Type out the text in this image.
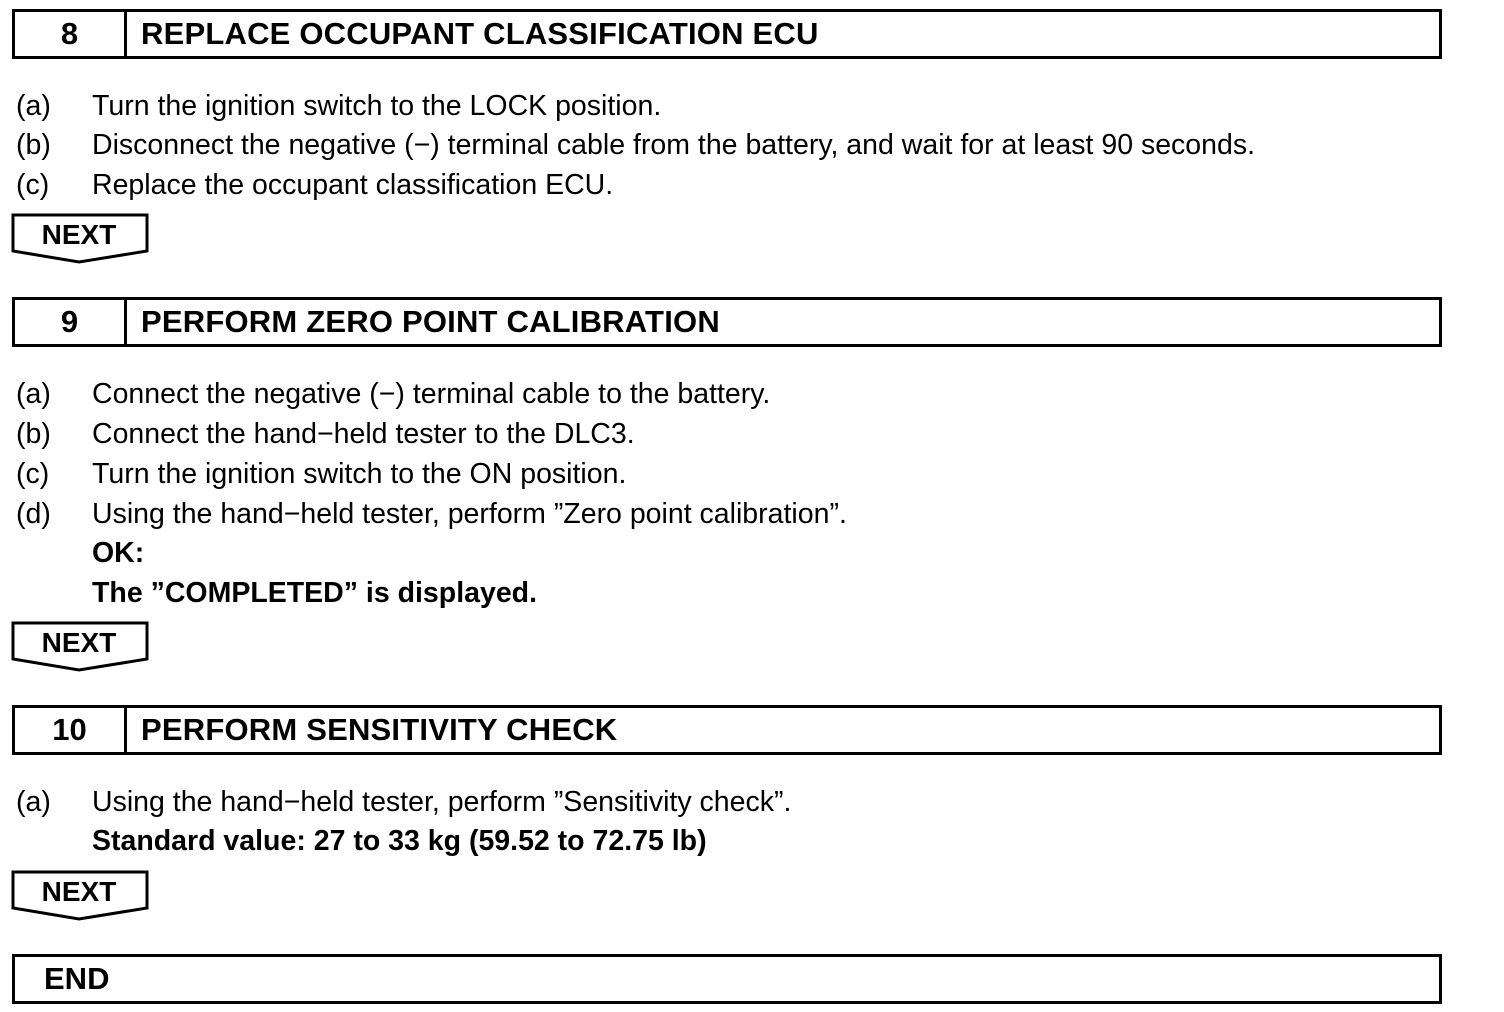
8	REPLACE OCCUPANT CLASSIFICATION ECU
(a) Turn the ignition switch to the LOCK position.
(b) Disconnect the negative (−) terminal cable from the battery, and wait for at least 90 seconds.
(c) Replace the occupant classification ECU.
NEXT
9	PERFORM ZERO POINT CALIBRATION
(a) Connect the negative (−) terminal cable to the battery.
(b) Connect the hand−held tester to the DLC3.
(c) Turn the ignition switch to the ON position.
(d) Using the hand−held tester, perform ”Zero point calibration”.
OK:
The ”COMPLETED” is displayed.
NEXT
10	PERFORM SENSITIVITY CHECK
(a) Using the hand−held tester, perform ”Sensitivity check”.
Standard value: 27 to 33 kg (59.52 to 72.75 lb)
NEXT
END
